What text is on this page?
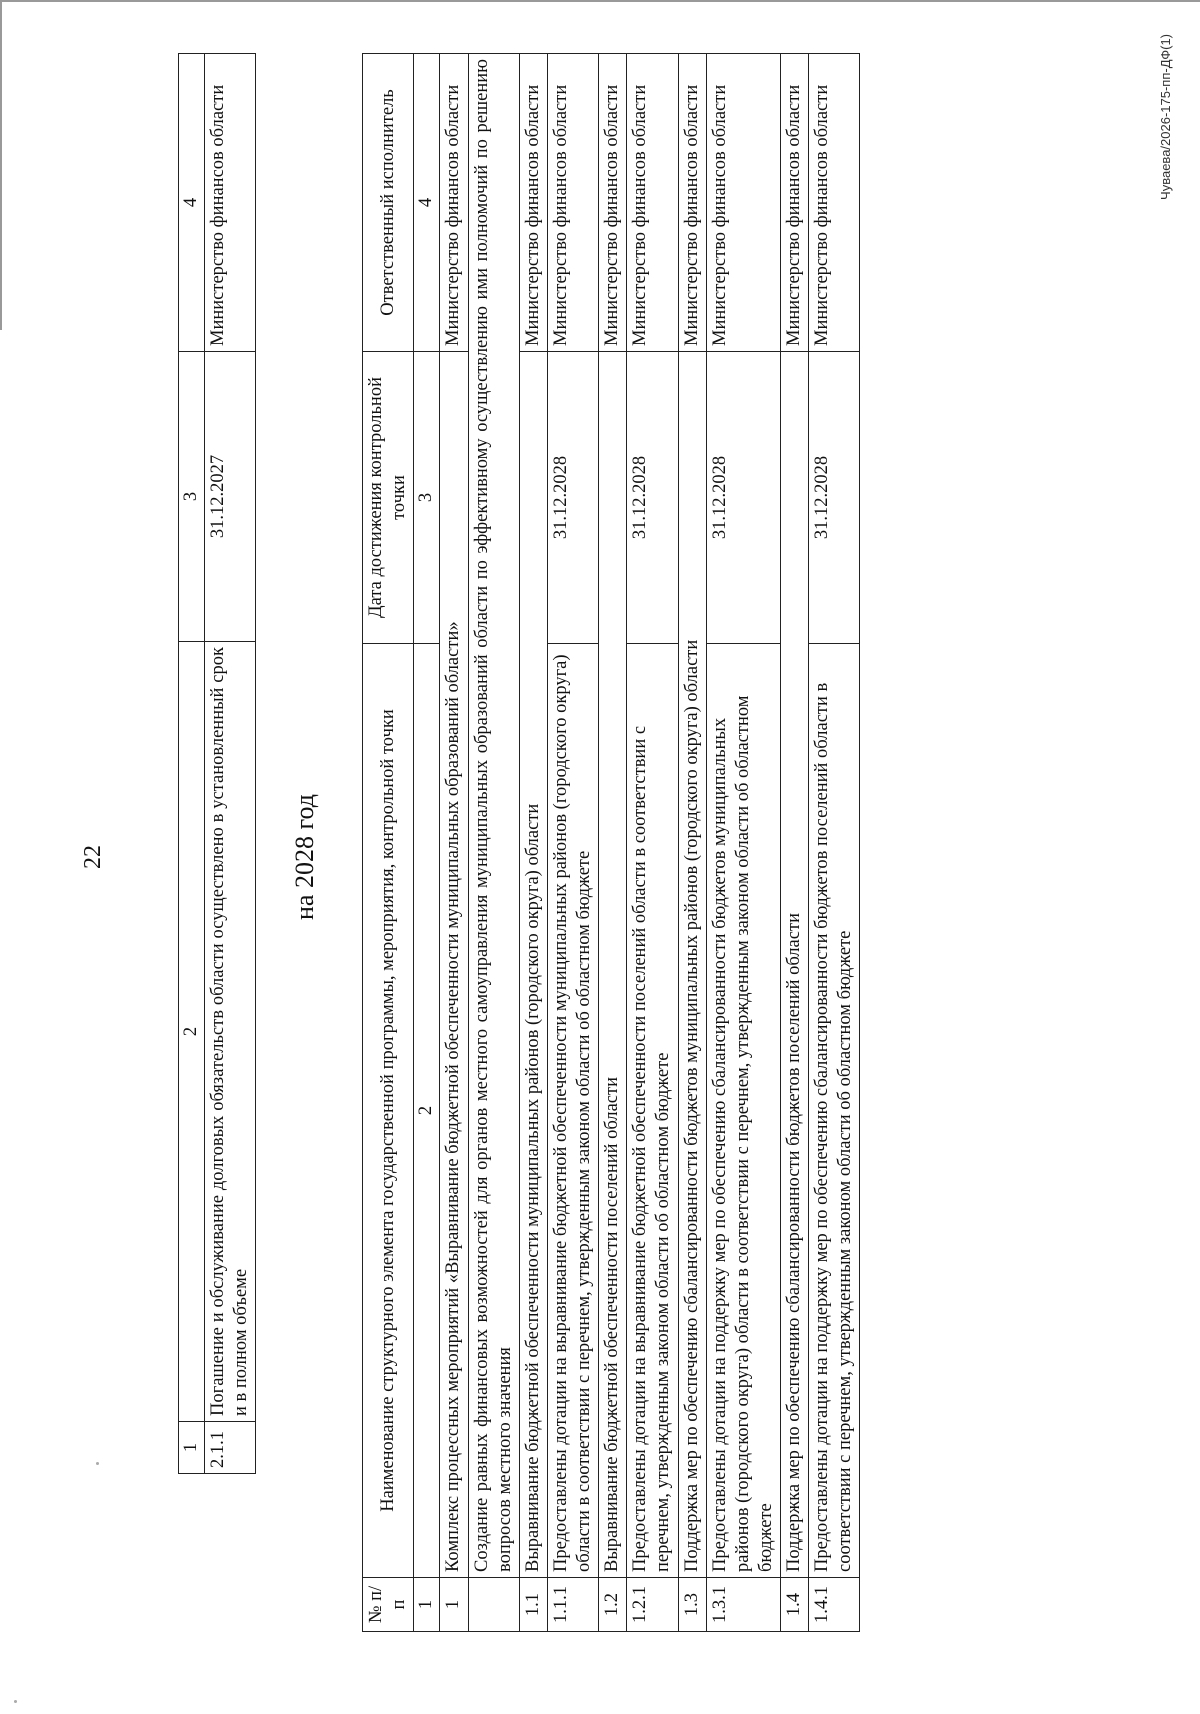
22
1	2	3	4
2.1.1	Погашение и обслуживание долговых обязательств области осуществлено в установленный срок и в полном объеме	31.12.2027	Министерство финансов области
на 2028 год
№ п/п	Наименование структурного элемента государственной программы, мероприятия, контрольной точки	Дата достижения контрольной точки	Ответственный исполнитель
1	2	3	4
1	Комплекс процессных мероприятий «Выравнивание бюджетной обеспеченности муниципальных образований области»		Министерство финансов области
	Создание равных финансовых возможностей для органов местного самоуправления муниципальных образований области по эффективному осуществлению ими полномочий по решению вопросов местного значения		
1.1	Выравнивание бюджетной обеспеченности муниципальных районов (городского округа) области		Министерство финансов области
1.1.1	Предоставлены дотации на выравнивание бюджетной обеспеченности муниципальных районов (городского округа) области в соответствии с перечнем, утвержденным законом области об областном бюджете	31.12.2028	Министерство финансов области
1.2	Выравнивание бюджетной обеспеченности поселений области		Министерство финансов области
1.2.1	Предоставлены дотации на выравнивание бюджетной обеспеченности поселений области в соответствии с перечнем, утвержденным законом области об областном бюджете	31.12.2028	Министерство финансов области
1.3	Поддержка мер по обеспечению сбалансированности бюджетов муниципальных районов (городского округа) области		Министерство финансов области
1.3.1	Предоставлены дотации на поддержку мер по обеспечению сбалансированности бюджетов муниципальных районов (городского округа) области в соответствии с перечнем, утвержденным законом области об областном бюджете	31.12.2028	Министерство финансов области
1.4	Поддержка мер по обеспечению сбалансированности бюджетов поселений области		Министерство финансов области
1.4.1	Предоставлены дотации на поддержку мер по обеспечению сбалансированности бюджетов поселений области в соответствии с перечнем, утвержденным законом области об областном бюджете	31.12.2028	Министерство финансов области	Чуваева/2026-175-пп-ДФ(1)
